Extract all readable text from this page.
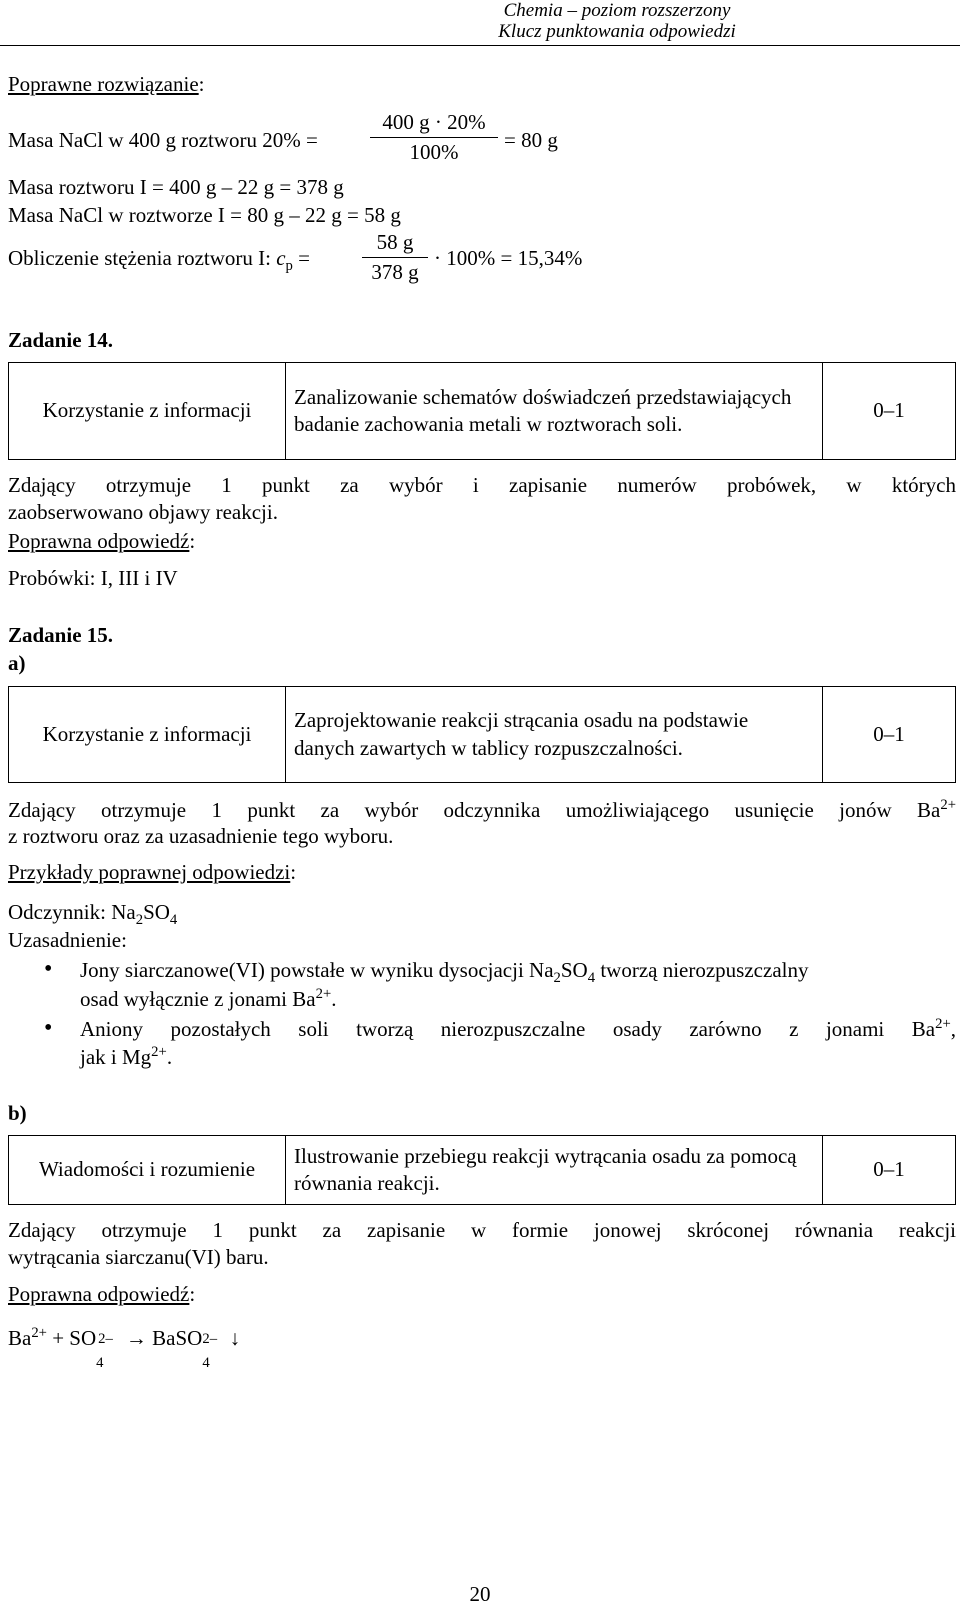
Chemia – poziom rozszerzony
Klucz punktowania odpowiedzi
Poprawne rozwiązanie:
Masa NaCl w 400 g roztworu $20\% = \frac{400 g \cdot 20\%}{100\%} = 80$ g
Masa roztworu I = 400 g – 22 g = 378 g
Masa NaCl w roztworze I = 80 g – 22 g = 58 g
Obliczenie stężenia roztworu I: $c_p = \frac{58 g}{378 g} \cdot 100\% = 15,34\%$
Zadanie 14.
Korzystanie z informacji	Zanalizowanie schematów doświadczeń przedstawiających badanie zachowania metali w roztworach soli.	0–1
Zdający otrzymuje 1 punkt za wybór i zapisanie numerów probówek, w których
zaobserwowano objawy reakcji.
Poprawna odpowiedź:
Probówki: I, III i IV
Zadanie 15.
a)
Korzystanie z informacji	Zaprojektowanie reakcji strącania osadu na podstawie danych zawartych w tablicy rozpuszczalności.	0–1
Zdający otrzymuje 1 punkt za wybór odczynnika umożliwiającego usunięcie jonów $Ba^{2+}$
z roztworu oraz za uzasadnienie tego wyboru.
Przykłady poprawnej odpowiedzi:
Odczynnik: $Na_2SO_4$
Uzasadnienie:
• Jony siarczanowe(VI) powstałe w wyniku dysocjacji $Na_2SO_4$ tworzą nierozpuszczalny
osad wyłącznie z jonami $Ba^{2+}$.
• Aniony pozostałych soli tworzą nierozpuszczalne osady zarówno z jonami $Ba^{2+}$,
jak i $Mg^{2+}$.
b)
Wiadomości i rozumienie	Ilustrowanie przebiegu reakcji wytrącania osadu za pomocą równania reakcji.	0–1
Zdający otrzymuje 1 punkt za zapisanie w formie jonowej skróconej równania reakcji
wytrącania siarczanu(VI) baru.
Poprawna odpowiedź:
$Ba^{2+}$ + SO
4
2– → BaSO
4
2– ↓
20
